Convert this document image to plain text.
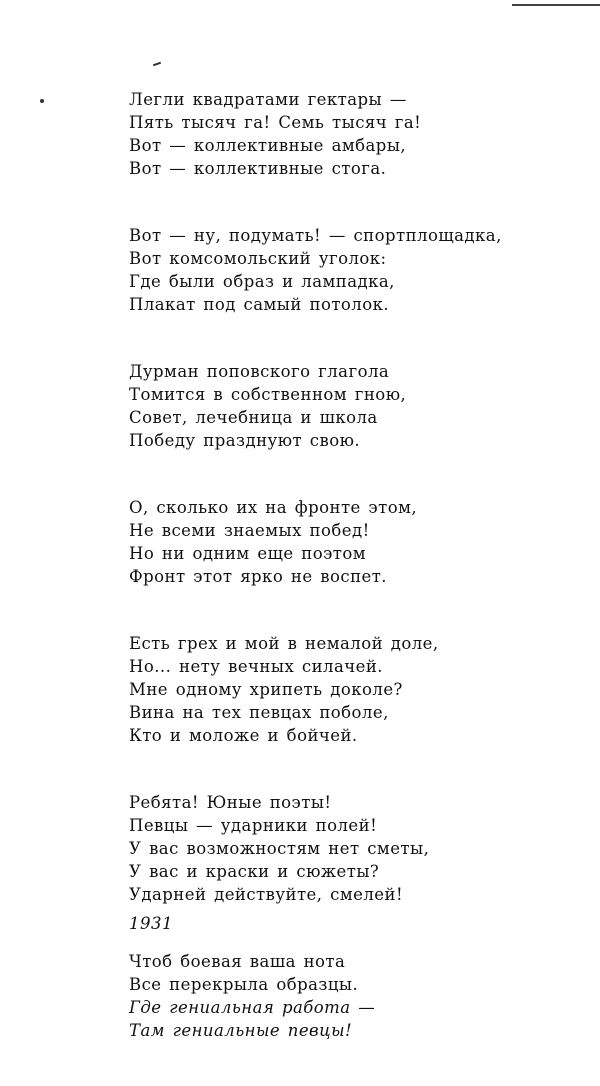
Легли квадратами гектары —
Пять тысяч га! Семь тысяч га!
Вот — коллективные амбары,
Вот — коллективные стога.
Вот — ну, подумать! — спортплощадка,
Вот комсомольский уголок:
Где были образ и лампадка,
Плакат под самый потолок.
Дурман поповского глагола
Томится в собственном гною,
Совет, лечебница и школа
Победу празднуют свою.
О, сколько их на фронте этом,
Не всеми знаемых побед!
Но ни одним еще поэтом
Фронт этот ярко не воспет.
Есть грех и мой в немалой доле,
Но... нету вечных силачей.
Мне одному хрипеть доколе?
Вина на тех певцах поболе,
Кто и моложе и бойчей.
Ребята! Юные поэты!
Певцы — ударники полей!
У вас возможностям нет сметы,
У вас и краски и сюжеты?
Ударней действуйте, смелей!
Чтоб боевая ваша нота
Все перекрыла образцы.
Где гениальная работа —
Там гениальные певцы!
1931
